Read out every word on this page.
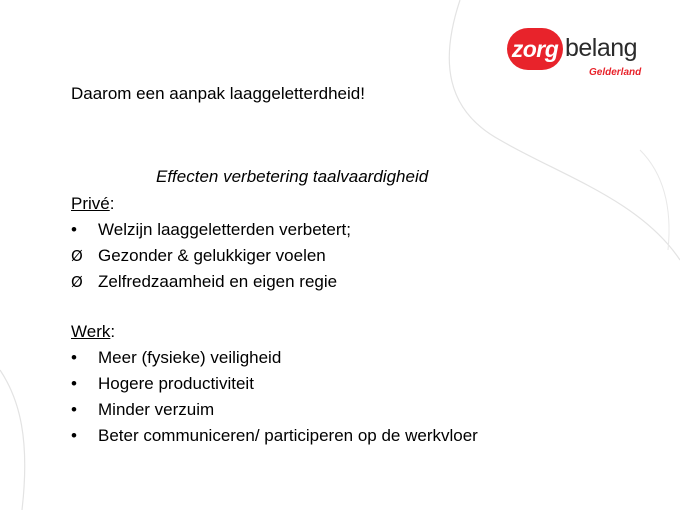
zorg belang
Gelderland
Daarom een aanpak laaggeletterdheid!
Effecten verbetering taalvaardigheid
Privé:
• Welzijn laaggeletterden verbetert;
Ø Gezonder & gelukkiger voelen
Ø Zelfredzaamheid en eigen regie
Werk:
• Meer (fysieke) veiligheid
• Hogere productiviteit
• Minder verzuim
• Beter communiceren/ participeren op de werkvloer
